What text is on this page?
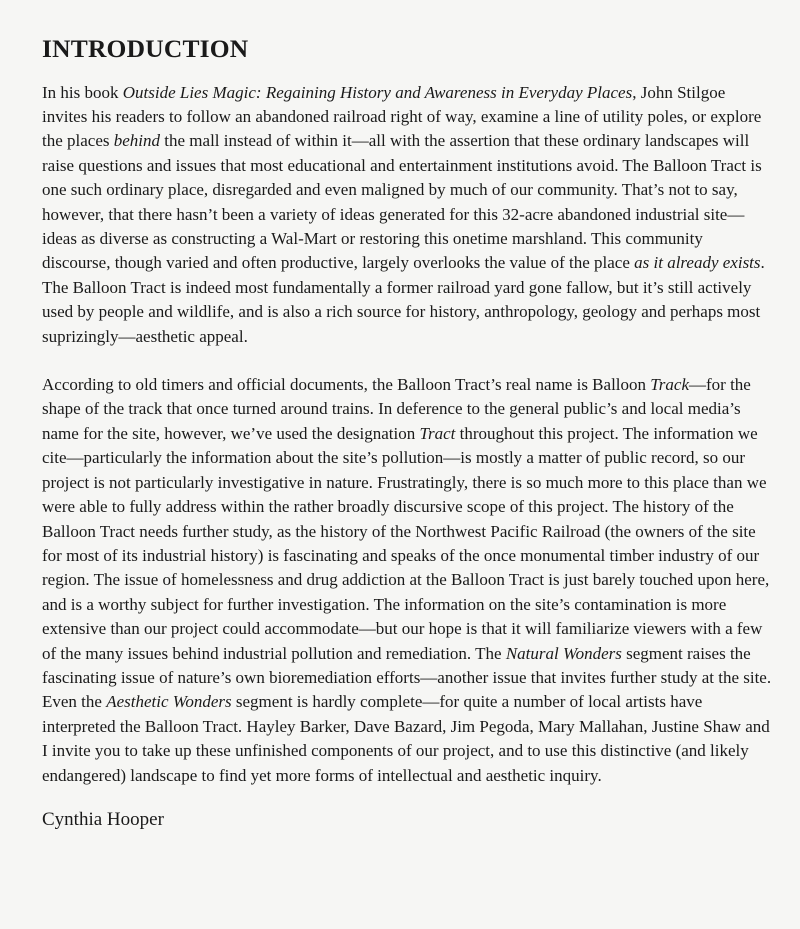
INTRODUCTION

In his book Outside Lies Magic: Regaining History and Awareness in Everyday Places, John Stilgoe invites his readers to follow an abandoned railroad right of way, examine a line of utility poles, or explore the places behind the mall instead of within it—all with the assertion that these ordinary landscapes will raise questions and issues that most educational and entertainment institutions avoid. The Balloon Tract is one such ordinary place, disregarded and even maligned by much of our community. That’s not to say, however, that there hasn’t been a variety of ideas generated for this 32-acre abandoned industrial site—ideas as diverse as constructing a Wal-Mart or restoring this onetime marshland. This community discourse, though varied and often productive, largely overlooks the value of the place as it already exists. The Balloon Tract is indeed most fundamentally a former railroad yard gone fallow, but it’s still actively used by people and wildlife, and is also a rich source for history, anthropology, geology and perhaps most suprizingly—aesthetic appeal.

According to old timers and official documents, the Balloon Tract’s real name is Balloon Track—for the shape of the track that once turned around trains. In deference to the general public’s and local media’s name for the site, however, we’ve used the designation Tract throughout this project. The information we cite—particularly the information about the site’s pollution—is mostly a matter of public record, so our project is not particularly investigative in nature. Frustratingly, there is so much more to this place than we were able to fully address within the rather broadly discursive scope of this project. The history of the Balloon Tract needs further study, as the history of the Northwest Pacific Railroad (the owners of the site for most of its industrial history) is fascinating and speaks of the once monumental timber industry of our region. The issue of homelessness and drug addiction at the Balloon Tract is just barely touched upon here, and is a worthy subject for further investigation. The information on the site’s contamination is more extensive than our project could accommodate—but our hope is that it will familiarize viewers with a few of the many issues behind industrial pollution and remediation. The Natural Wonders segment raises the fascinating issue of nature’s own bioremediation efforts—another issue that invites further study at the site. Even the Aesthetic Wonders segment is hardly complete—for quite a number of local artists have interpreted the Balloon Tract. Hayley Barker, Dave Bazard, Jim Pegoda, Mary Mallahan, Justine Shaw and I invite you to take up these unfinished components of our project, and to use this distinctive (and likely endangered) landscape to find yet more forms of intellectual and aesthetic inquiry.

Cynthia Hooper
